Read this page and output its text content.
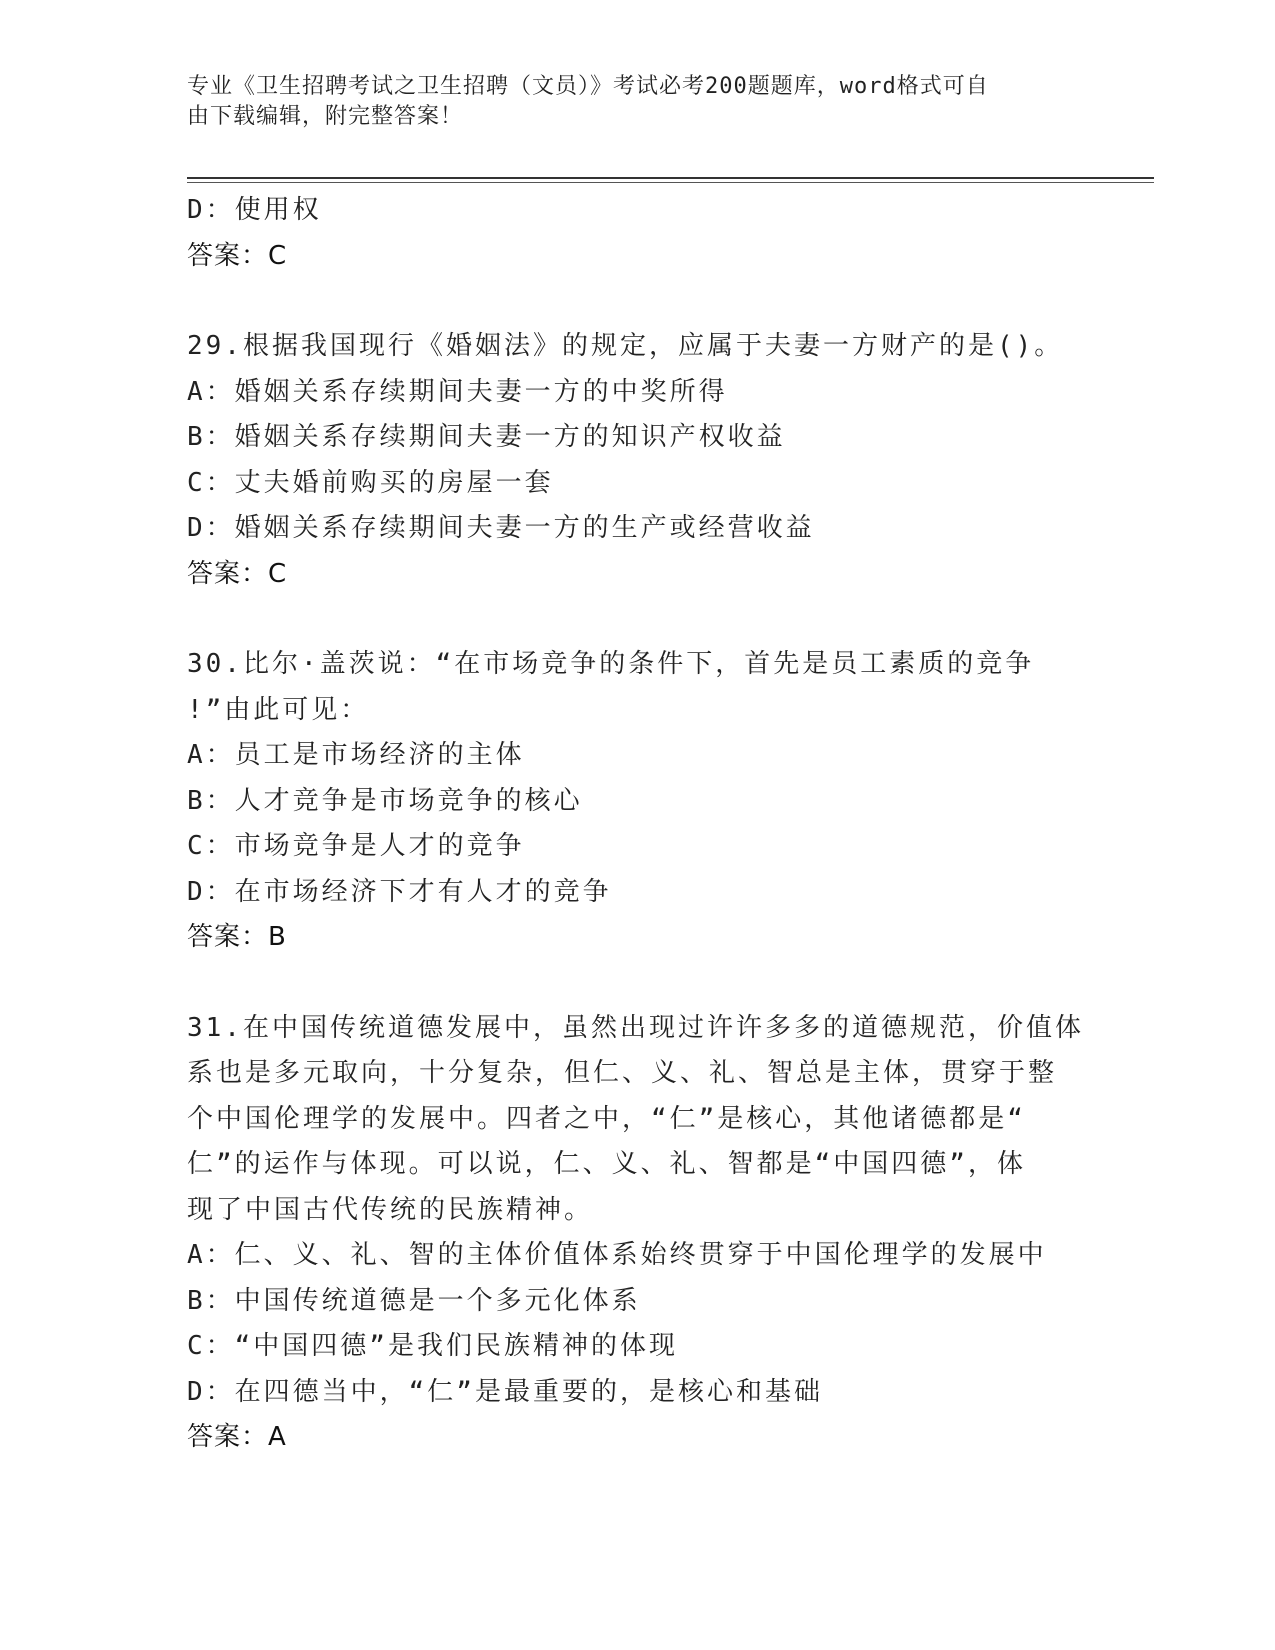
专业《卫生招聘考试之卫生招聘（文员）》考试必考200题题库，word格式可自
由下载编辑，附完整答案！
D：使用权
答案：C
29.根据我国现行《婚姻法》的规定，应属于夫妻一方财产的是()。
A：婚姻关系存续期间夫妻一方的中奖所得
B：婚姻关系存续期间夫妻一方的知识产权收益
C：丈夫婚前购买的房屋一套
D：婚姻关系存续期间夫妻一方的生产或经营收益
答案：C
30.比尔·盖茨说：“在市场竞争的条件下，首先是员工素质的竞争
!”由此可见：
A：员工是市场经济的主体
B：人才竞争是市场竞争的核心
C：市场竞争是人才的竞争
D：在市场经济下才有人才的竞争
答案：B
31.在中国传统道德发展中，虽然出现过许许多多的道德规范，价值体
系也是多元取向，十分复杂，但仁、义、礼、智总是主体，贯穿于整
个中国伦理学的发展中。四者之中，“仁”是核心，其他诸德都是“
仁”的运作与体现。可以说，仁、义、礼、智都是“中国四德”，体
现了中国古代传统的民族精神。
A：仁、义、礼、智的主体价值体系始终贯穿于中国伦理学的发展中
B：中国传统道德是一个多元化体系
C：“中国四德”是我们民族精神的体现
D：在四德当中，“仁”是最重要的，是核心和基础
答案：A
